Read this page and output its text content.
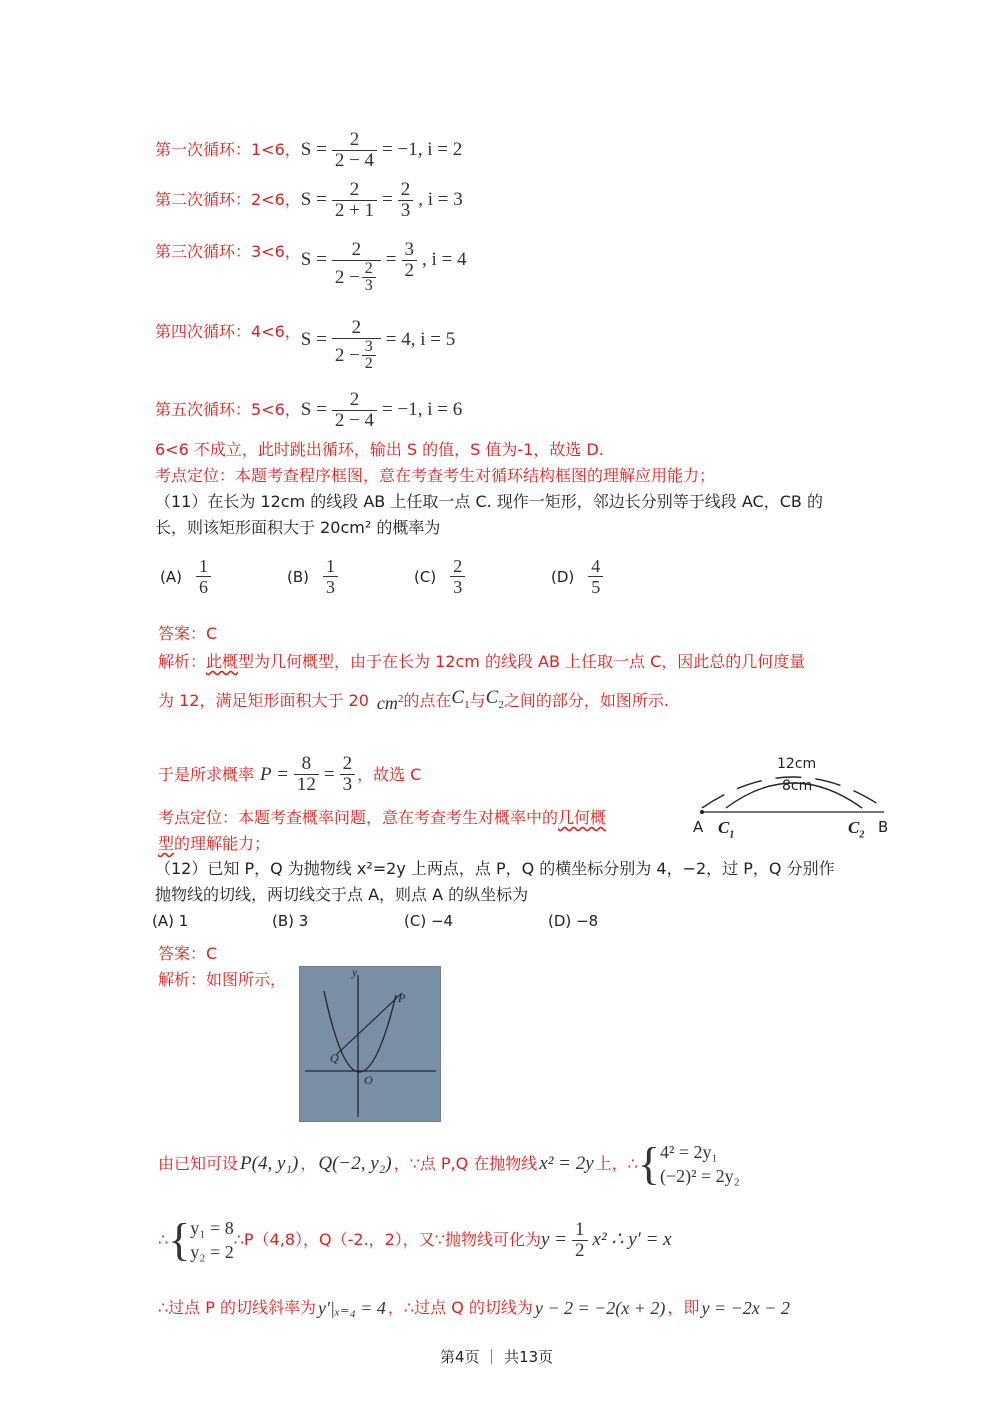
第一次循环：1<6， $S = \frac{2}{2 - 4} = -1$, i = 2
第二次循环：2<6， $S = \frac{2}{2 + 1} = \frac{2}{3}$ , i = 3
第三次循环：3<6， $S = \frac{2}{2 - \frac{2}{3}} = \frac{3}{2}$ , i = 4
第四次循环：4<6， $S = \frac{2}{2 - \frac{3}{2}} = 4$, i = 5
第五次循环：5<6， $S = \frac{2}{2 - 4} = -1$, i = 6
6<6 不成立，此时跳出循环，输出 S 的值，S 值为-1，故选 D.
考点定位：本题考查程序框图，意在考查考生对循环结构框图的理解应用能力；
（11）在长为 12cm 的线段 AB 上任取一点 C. 现作一矩形，邻边长分别等于线段 AC，CB 的
长，则该矩形面积大于 20cm² 的概率为
$(A) \frac{1}{6}$	$(B) \frac{1}{3}$	$(C) \frac{2}{3}$	$(D) \frac{4}{5}$
答案：C
解析：此概型为几何概型，由于在长为 12cm 的线段 AB 上任取一点 C，因此总的几何度量
为 12，满足矩形面积大于 20 $cm^2$ 的点在 $C_1$ 与 $C_2$ 之间的部分，如图所示.
于是所求概率 $P = \frac{8}{12} = \frac{2}{3}$ ，故选 C
考点定位：本题考查概率问题，意在考查考生对概率中的几何概
型的理解能力；
12cm
8cm
A $C_1$	$C_2$ B
（12）已知 P，Q 为抛物线 x²=2y 上两点，点 P，Q 的横坐标分别为 4，−2，过 P，Q 分别作
抛物线的切线，两切线交于点 A，则点 A 的纵坐标为
(A) 1	(B) 3	(C) −4	(D) −8
答案：C
解析：如图所示，	y
P
Q
O
由已知可设 P(4, y₁) ， Q(−2, y₂) ，∵点 P,Q 在抛物线 x² = 2y 上，∴ { 4² = 2y₁
(−2)² = 2y₂
∴ { y₁ = 8
y₂ = 2
∴P（4,8），Q（-2.，2），又∵抛物线可化为 $y = \frac{1}{2} x^2$ ∴ y′ = x
∴过点 P 的切线斜率为 y′|ₓ₌₄ = 4 ，∴过点 Q 的切线为 y − 2 = −2(x + 2) ，即 y = −2x − 2
第4页 ｜ 共13页
